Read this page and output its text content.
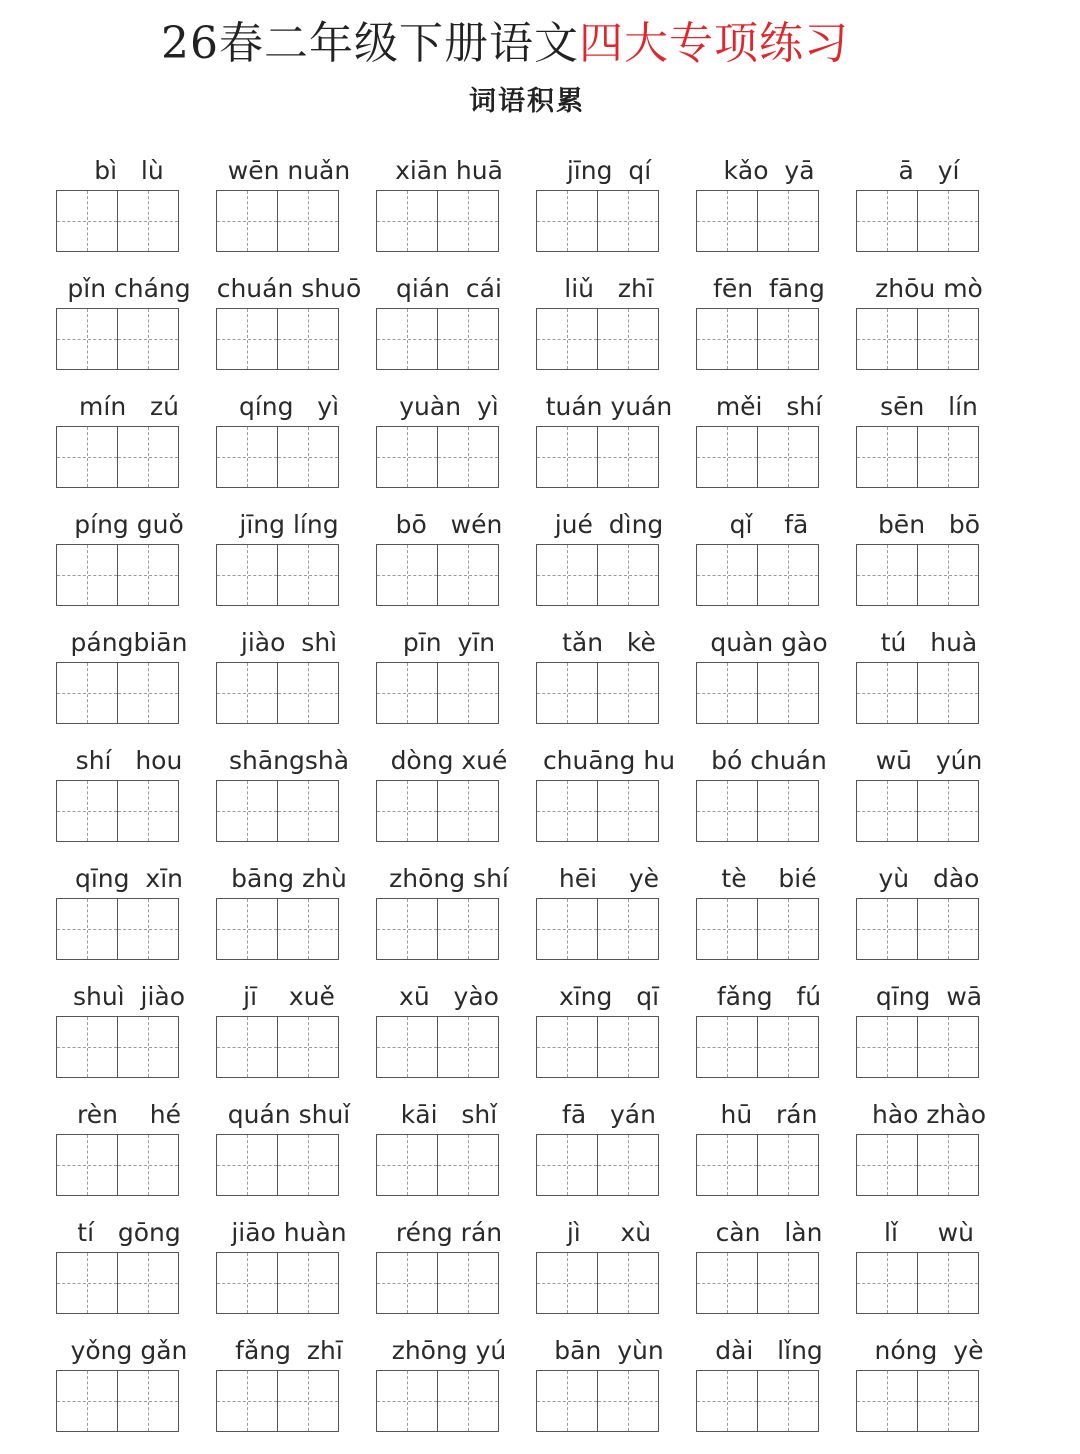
26春二年级下册语文四大专项练习
词语积累
bì   lù	wēn nuǎn	xiān huā	jīng  qí	kǎo  yā	ā   yí
pǐn cháng	chuán shuō	qián  cái	liǔ   zhī	fēn  fāng	zhōu mò
mín   zú	qíng   yì	yuàn  yì	tuán yuán	měi   shí	sēn   lín
píng guǒ	jīng líng	bō   wén	jué  dìng	qǐ    fā	bēn   bō
pángbiān	jiào  shì	pīn  yīn	tǎn   kè	quàn gào	tú   huà
shí   hou	shāngshà	dòng xué	chuāng hu	bó chuán	wū   yún
qīng  xīn	bāng zhù	zhōng shí	hēi    yè	tè    bié	yù   dào
shuì  jiào	jī    xuě	xū   yào	xīng   qī	fǎng   fú	qīng  wā
rèn    hé	quán shuǐ	kāi   shǐ	fā   yán	hū   rán	hào zhào
tí   gōng	jiāo huàn	réng rán	jì     xù	càn   làn	lǐ     wù
yǒng gǎn	fǎng  zhī	zhōng yú	bān  yùn	dài   lǐng	nóng  yè
